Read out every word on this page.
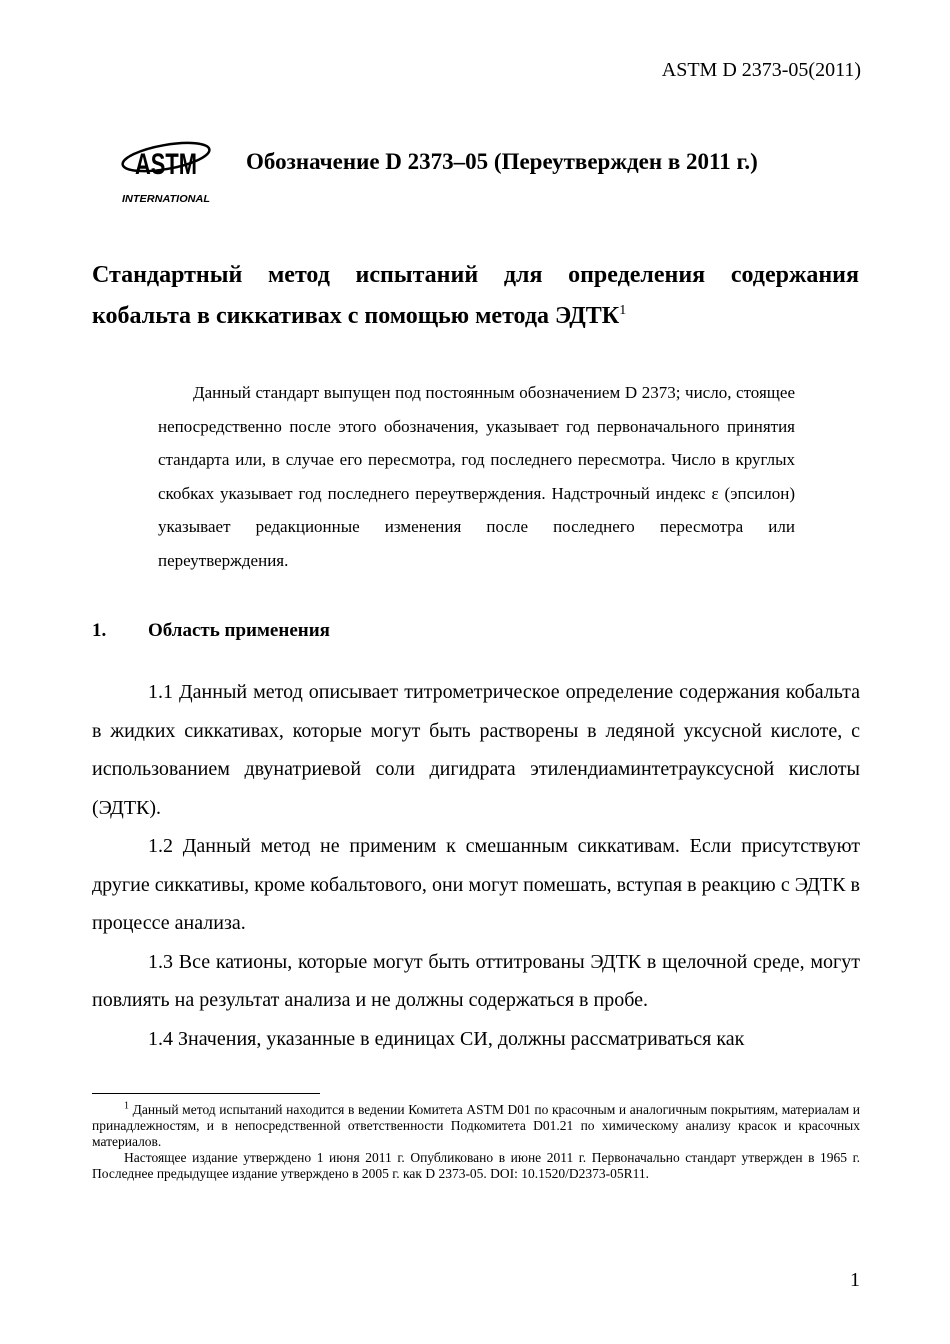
ASTM D 2373-05(2011)
ASTM
INTERNATIONAL
Обозначение D 2373–05 (Переутвержден в 2011 г.)
Стандартный метод испытаний для определения содержания кобальта в сиккативах с помощью метода ЭДТК$^1$
Данный стандарт выпущен под постоянным обозначением D 2373; число, стоящее непосредственно после этого обозначения, указывает год первоначального принятия стандарта или, в случае его пересмотра, год последнего пересмотра. Число в круглых скобках указывает год последнего переутверждения. Надстрочный индекс ε (эпсилон) указывает редакционные изменения после последнего пересмотра или переутверждения.
1. Область применения

1.1 Данный метод описывает титрометрическое определение содержания кобальта в жидких сиккативах, которые могут быть растворены в ледяной уксусной кислоте, с использованием двунатриевой соли дигидрата этилендиаминтетрауксусной кислоты (ЭДТК).

1.2 Данный метод не применим к смешанным сиккативам. Если присутствуют другие сиккативы, кроме кобальтового, они могут помешать, вступая в реакцию с ЭДТК в процессе анализа.

1.3 Все катионы, которые могут быть оттитрованы ЭДТК в щелочной среде, могут повлиять на результат анализа и не должны содержаться в пробе.

1.4 Значения, указанные в единицах СИ, должны рассматриваться как

$^1$ Данный метод испытаний находится в ведении Комитета ASTM D01 по красочным и аналогичным покрытиям, материалам и принадлежностям, и в непосредственной ответственности Подкомитета D01.21 по химическому анализу красок и красочных материалов.

Настоящее издание утверждено 1 июня 2011 г. Опубликовано в июне 2011 г. Первоначально стандарт утвержден в 1965 г. Последнее предыдущее издание утверждено в 2005 г. как D 2373-05. DOI: 10.1520/D2373-05R11.

1
